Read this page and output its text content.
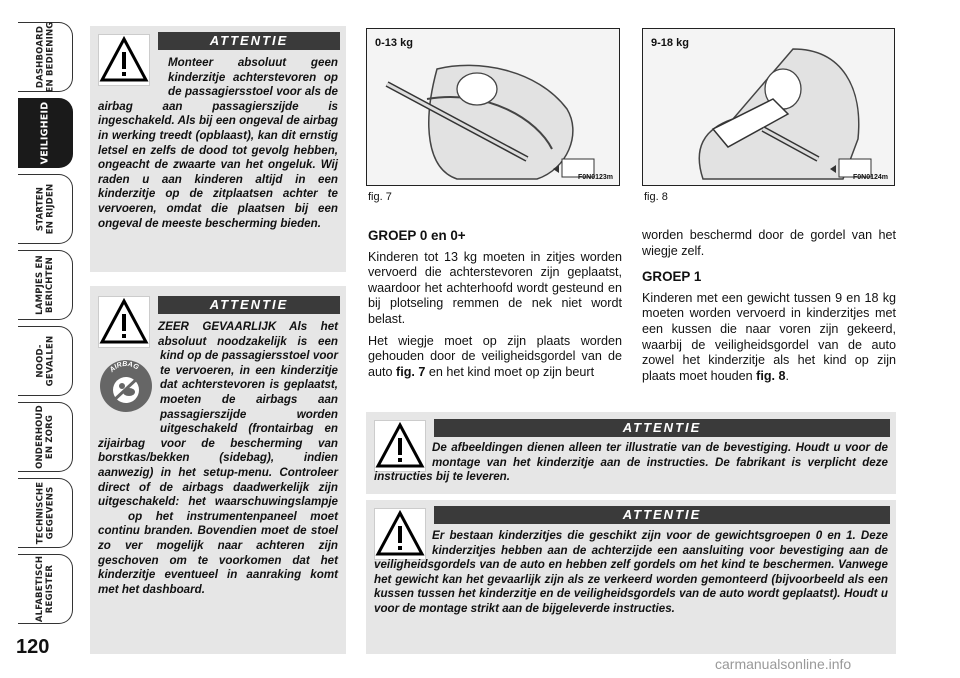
DASHBOARD
EN BEDIENING
VEILIGHEID
STARTEN
EN RIJDEN
LAMPJES EN
BERICHTEN
NOOD-
GEVALLEN
ONDERHOUD
EN ZORG
TECHNISCHE
GEGEVENS
ALFABETISCH
REGISTER
120
ATTENTIE

Monteer absoluut geen kinderzitje achterstevoren op de passagiersstoel voor als de airbag aan passagierszijde is ingeschakeld. Als bij een ongeval de airbag in werking treedt (opblaast), kan dit ernstig letsel en zelfs de dood tot gevolg hebben, ongeacht de zwaarte van het ongeluk. Wij raden u aan kinderen altijd in een kinderzitje op de zitplaatsen achter te vervoeren, omdat die plaatsen bij een ongeval de meeste bescherming bieden.

ATTENTIE

AIRBAG
ZEER GEVAARLIJK Als het absoluut noodzakelijk is een kind op de passagiersstoel voor te vervoeren, in een kinderzitje dat achterstevoren is geplaatst, moeten de airbags aan passagierszijde worden uitgeschakeld (frontairbag en zijairbag voor de bescherming van borstkas/bekken (sidebag), indien aanwezig) in het setup-menu. Controleer direct of de airbags daadwerkelijk zijn uitgeschakeld: het waarschuwingslampje ✔⃥ op het instrumentenpaneel moet continu branden. Bovendien moet de stoel zo ver mogelijk naar achteren zijn geschoven om te voorkomen dat het kinderzitje eventueel in aanraking komt met het dashboard.

0-13 kg
F0N0123m
fig. 7
9-18 kg
F0N0124m
fig. 8
GROEP 0 en 0+

Kinderen tot 13 kg moeten in zitjes worden vervoerd die achterstevoren zijn geplaatst, waardoor het achterhoofd wordt gesteund en bij plotseling remmen de nek niet wordt belast.

Het wiegje moet op zijn plaats worden gehouden door de veiligheidsgordel van de auto fig. 7 en het kind moet op zijn beurt

worden beschermd door de gordel van het wiegje zelf.

GROEP 1

Kinderen met een gewicht tussen 9 en 18 kg moeten worden vervoerd in kinderzitjes met een kussen die naar voren zijn gekeerd, waarbij de veiligheidsgordel van de auto zowel het kinderzitje als het kind op zijn plaats moet houden fig. 8.

ATTENTIE

De afbeeldingen dienen alleen ter illustratie van de bevestiging. Houdt u voor de montage van het kinderzitje aan de instructies. De fabrikant is verplicht deze instructies bij te leveren.

ATTENTIE

Er bestaan kinderzitjes die geschikt zijn voor de gewichtsgroepen 0 en 1. Deze kinderzitjes hebben aan de achterzijde een aansluiting voor bevestiging aan de veiligheidsgordels van de auto en hebben zelf gordels om het kind te beschermen. Vanwege het gewicht kan het gevaarlijk zijn als ze verkeerd worden gemonteerd (bijvoorbeeld als een kussen tussen het kinderzitje en de veiligheidsgordels van de auto wordt geplaatst). Houdt u voor de montage strikt aan de bijgeleverde instructies.

carmanualsonline.info
